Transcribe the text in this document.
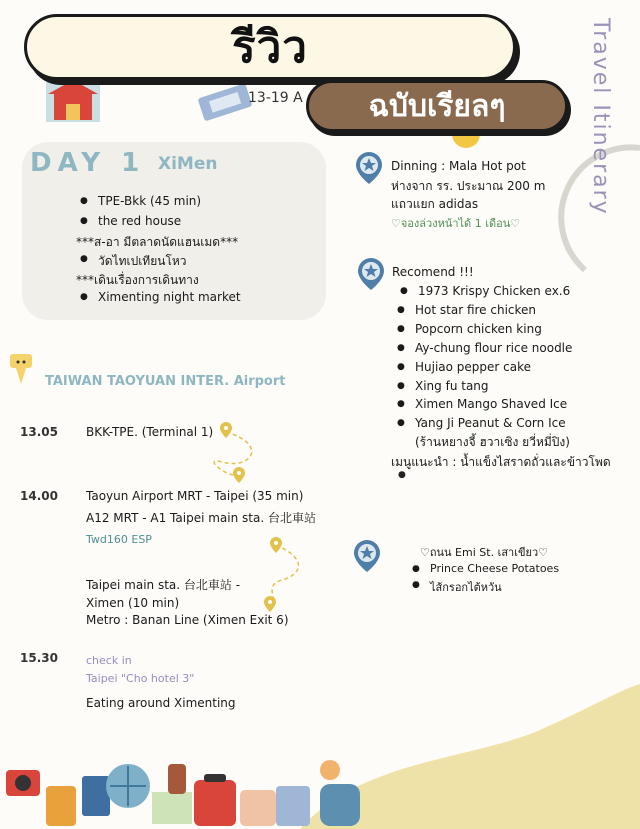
รีวิว
13-19 A ฉบับเรียลๆ	Travel Itinerary
DAY 1 XiMen
● TPE-Bkk (45 min)
● the red house
***ส-อา มีตลาดนัดแฮนเมด***
● วัดไทเปเทียนโหว
***เดินเรื่องการเดินทาง
● Ximenting night market
TAIWAN TAOYUAN INTER. Airport
13.05 BKK-TPE. (Terminal 1)
14.00 Taoyun Airport MRT - Taipei (35 min)
A12 MRT - A1 Taipei main sta. 台北車站
Twd160 ESP
Taipei main sta. 台北車站 -
Ximen (10 min)
Metro : Banan Line (Ximen Exit 6)
15.30	check in
Taipei "Cho hotel 3"
Eating around Ximenting
Dinning : Mala Hot pot
ห่างจาก รร. ประมาณ 200 m
แถวแยก adidas
♡จองล่วงหน้าได้ 1 เดือน♡
Recomend !!!
● 1973 Krispy Chicken ex.6
● Hot star fire chicken
● Popcorn chicken king
● Ay-chung flour rice noodle
● Hujiao pepper cake
● Xing fu tang
● Ximen Mango Shaved Ice
● Yang Ji Peanut & Corn Ice
(ร้านหยางจี้ ฮวาเซิง ยวี่หมี่ปิง)
เมนูแนะนำ : น้ำแข็งไสราดถั่วและข้าวโพด
●
♡ถนน Emi St. เสาเขียว♡
● Prince Cheese Potatoes
● ไส้กรอกไต้หวัน
